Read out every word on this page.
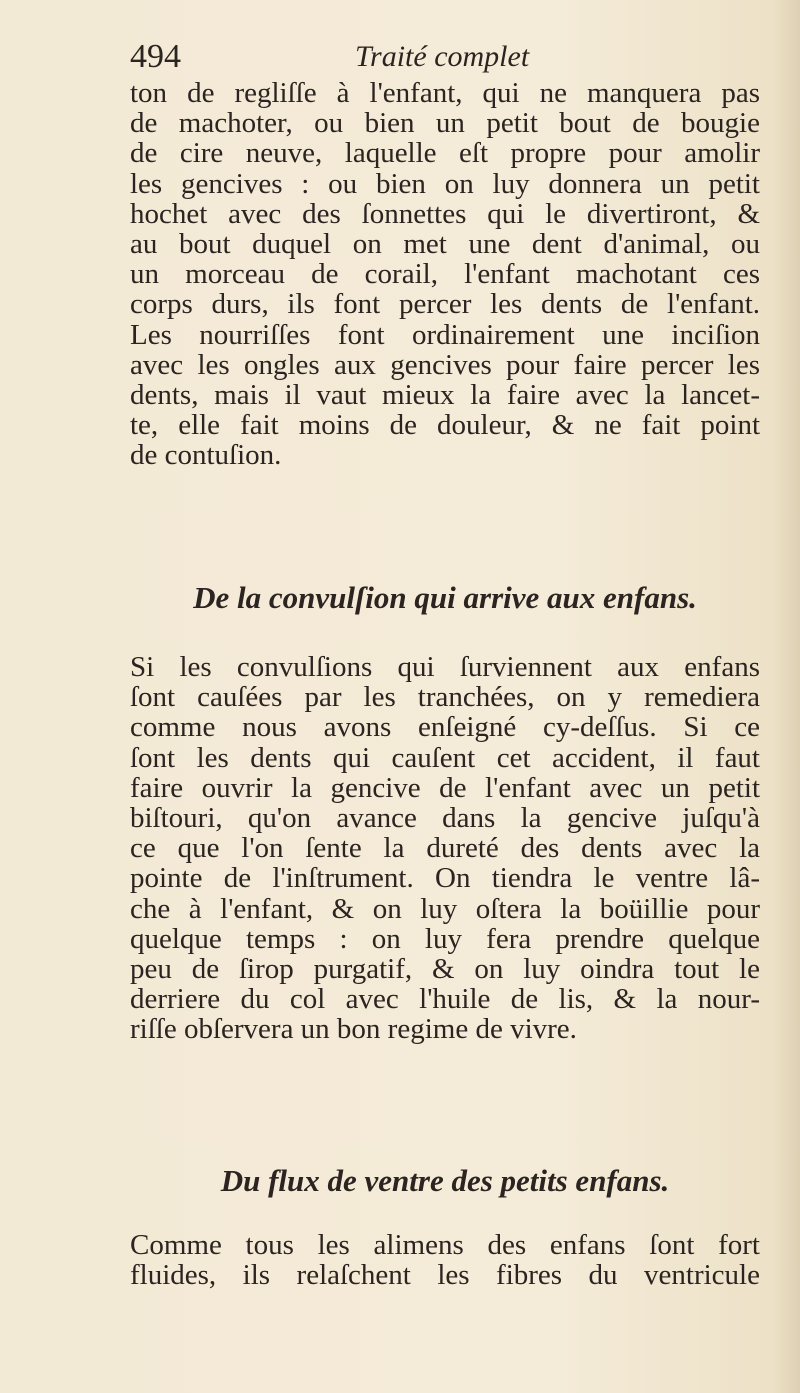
494	Traité complet

ton de regliſſe à l'enfant, qui ne manquera pas
de machoter, ou bien un petit bout de bougie
de cire neuve, laquelle eſt propre pour amolir
les gencives : ou bien on luy donnera un petit
hochet avec des ſonnettes qui le divertiront, &
au bout duquel on met une dent d'animal, ou
un morceau de corail, l'enfant machotant ces
corps durs, ils font percer les dents de l'enfant.
Les nourriſſes font ordinairement une inciſion
avec les ongles aux gencives pour faire percer les
dents, mais il vaut mieux la faire avec la lancet-
te, elle fait moins de douleur, & ne fait point
de contuſion.

De la convulſion qui arrive aux enfans.

Si les convulſions qui ſurviennent aux enfans
ſont cauſées par les tranchées, on y remediera
comme nous avons enſeigné cy-deſſus. Si ce
ſont les dents qui cauſent cet accident, il faut
faire ouvrir la gencive de l'enfant avec un petit
biſtouri, qu'on avance dans la gencive juſqu'à
ce que l'on ſente la dureté des dents avec la
pointe de l'inſtrument. On tiendra le ventre lâ-
che à l'enfant, & on luy oſtera la boüillie pour
quelque temps : on luy fera prendre quelque
peu de ſirop purgatif, & on luy oindra tout le
derriere du col avec l'huile de lis, & la nour-
riſſe obſervera un bon regime de vivre.

Du flux de ventre des petits enfans.

Comme tous les alimens des enfans ſont fort
fluides, ils relaſchent les fibres du ventricule
